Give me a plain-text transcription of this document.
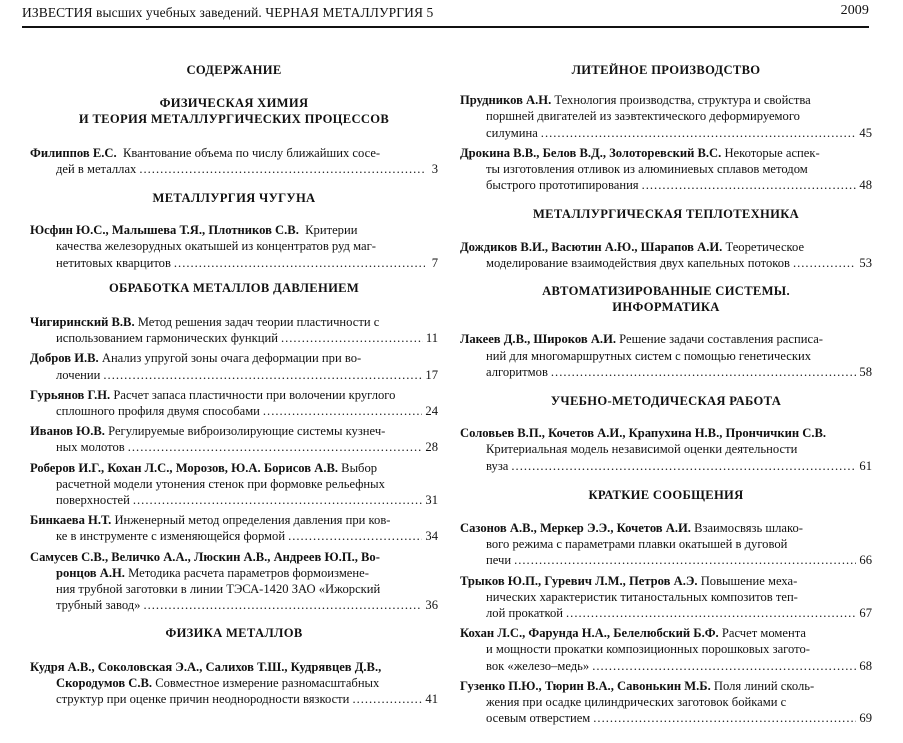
ИЗВЕСТИЯ высших учебных заведений. ЧЕРНАЯ МЕТАЛЛУРГИЯ 5	2009
СОДЕРЖАНИЕ
ФИЗИЧЕСКАЯ ХИМИЯ
И ТЕОРИЯ МЕТАЛЛУРГИЧЕСКИХ ПРОЦЕССОВ
Филиппов Е.С.
Квантование объема по числу ближайших сосе-
дей в металлах .....	3
МЕТАЛЛУРГИЯ ЧУГУНА
Юсфин Ю.С., Малышева Т.Я., Плотников С.В.
Критерии
качества железорудных окатышей из концентратов руд маг-
нетитовых кварцитов .....	7
ОБРАБОТКА МЕТАЛЛОВ ДАВЛЕНИЕМ
Чигиринский В.В.
Метод решения задач теории пластичности с
использованием гармонических функций .....	11
Добров И.В.
Анализ упругой зоны очага деформации при во-
лочении .....	17
Гурьянов Г.Н.
Расчет запаса пластичности при волочении круглого
сплошного профиля двумя способами .....	24
Иванов Ю.В.
Регулируемые виброизолирующие системы кузнеч-
ных молотов .....	28
Роберов И.Г., Кохан Л.С., Морозов, Ю.А. Борисов А.В.
Выбор
расчетной модели утонения стенок при формовке рельефных
поверхностей .....	31
Бинкаева Н.Т.
Инженерный метод определения давления при ков-
ке в инструменте с изменяющейся формой .....	34
Самусев С.В., Величко А.А., Люскин А.В., Андреев Ю.П., Во-
ронцов А.Н.
Методика расчета параметров формоизмене-
ния трубной заготовки в линии ТЭСА-1420 ЗАО «Ижорский
трубный завод» .....	36
ФИЗИКА МЕТАЛЛОВ
Кудря А.В., Соколовская Э.А., Салихов Т.Ш., Кудрявцев Д.В.,
Скородумов С.В.
Совместное измерение разномасштабных
структур при оценке причин неоднородности вязкости .....	41
ЛИТЕЙНОЕ ПРОИЗВОДСТВО
Прудников А.Н.
Технология производства, структура и свойства
поршней двигателей из заэвтектического деформируемого
силумина .....	45
Дрокина В.В., Белов В.Д., Золоторевский В.С.
Некоторые аспек-
ты изготовления отливок из алюминиевых сплавов методом
быстрого прототипирования .....	48
МЕТАЛЛУРГИЧЕСКАЯ ТЕПЛОТЕХНИКА
Дождиков В.И., Васютин А.Ю., Шарапов А.И.
Теоретическое
моделирование взаимодействия двух капельных потоков .....	53
АВТОМАТИЗИРОВАННЫЕ СИСТЕМЫ.
ИНФОРМАТИКА
Лакеев Д.В., Широков А.И.
Решение задачи составления расписа-
ний для многомаршрутных систем с помощью генетических
алгоритмов .....	58
УЧЕБНО-МЕТОДИЧЕСКАЯ РАБОТА
Соловьев В.П., Кочетов А.И., Крапухина Н.В., Прончичкин С.В.
Критериальная модель независимой оценки деятельности
вуза .....	61
КРАТКИЕ СООБЩЕНИЯ
Сазонов А.В., Меркер Э.Э., Кочетов А.И.
Взаимосвязь шлако-
вого режима с параметрами плавки окатышей в дуговой
печи .....	66
Трыков Ю.П., Гуревич Л.М., Петров А.Э.
Повышение меха-
нических характеристик титаностальных композитов теп-
лой прокаткой .....	67
Кохан Л.С., Фарунда Н.А., Белелюбский Б.Ф.
Расчет момента
и мощности прокатки композиционных порошковых загото-
вок «железо–медь» .....	68
Гузенко П.Ю., Тюрин В.А., Савонькин М.Б.
Поля линий сколь-
жения при осадке цилиндрических заготовок бойками с
осевым отверстием .....	69
